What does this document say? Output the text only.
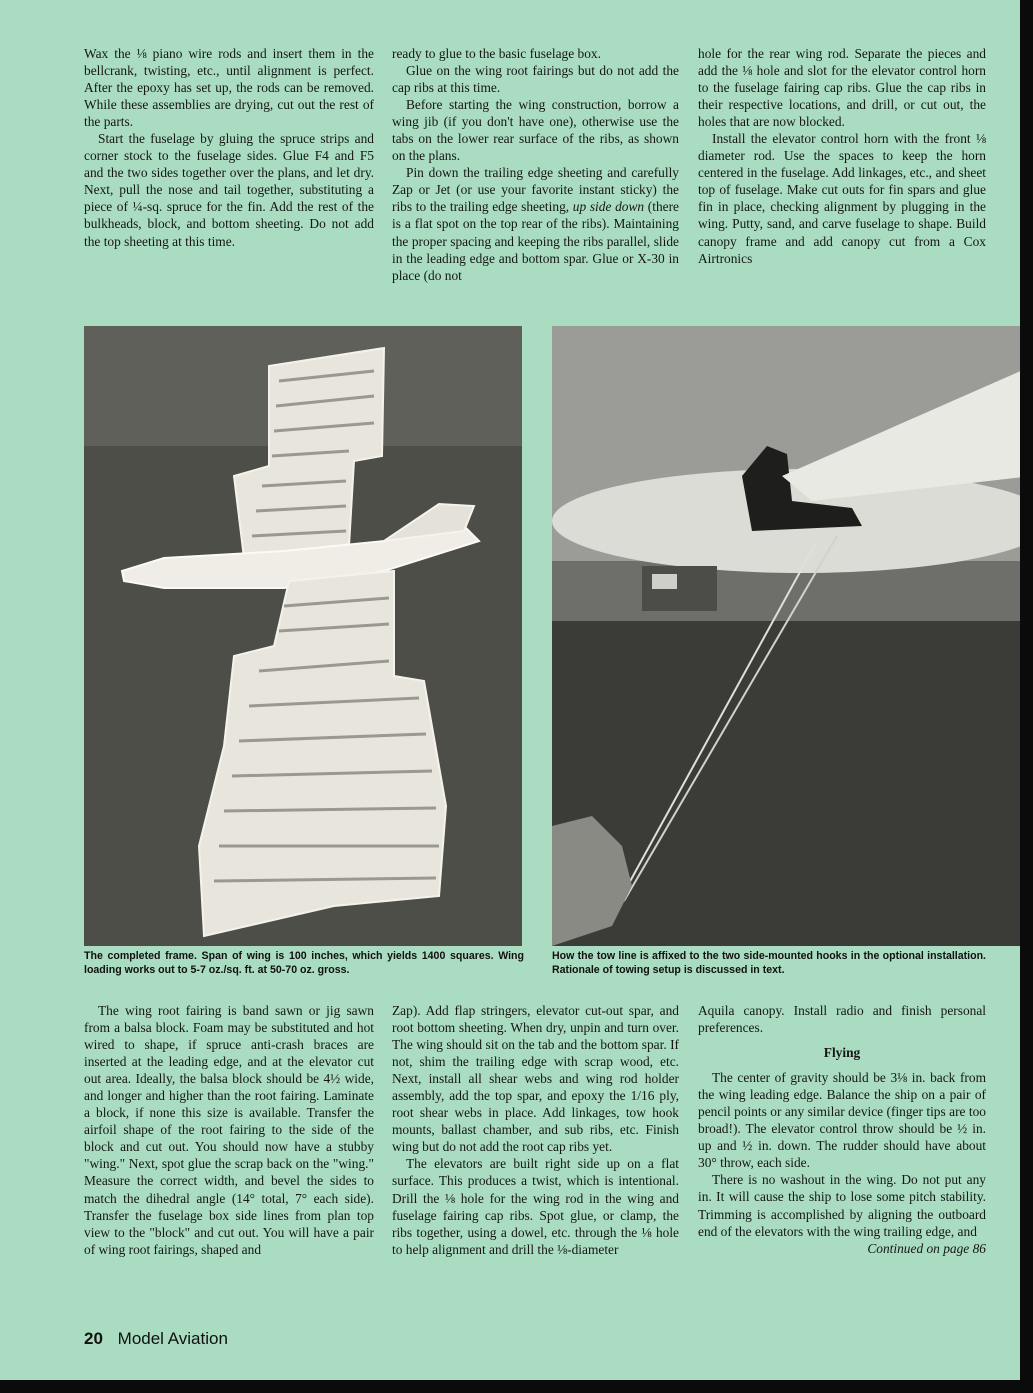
Wax the ⅛ piano wire rods and insert them in the bellcrank, twisting, etc., until alignment is perfect. After the epoxy has set up, the rods can be removed. While these assemblies are drying, cut out the rest of the parts.

Start the fuselage by gluing the spruce strips and corner stock to the fuselage sides. Glue F4 and F5 and the two sides together over the plans, and let dry. Next, pull the nose and tail together, substituting a piece of ¼-sq. spruce for the fin. Add the rest of the bulkheads, block, and bottom sheeting. Do not add the top sheeting at this time.

ready to glue to the basic fuselage box.

Glue on the wing root fairings but do not add the cap ribs at this time.

Before starting the wing construction, borrow a wing jib (if you don't have one), otherwise use the tabs on the lower rear surface of the ribs, as shown on the plans.

Pin down the trailing edge sheeting and carefully Zap or Jet (or use your favorite instant sticky) the ribs to the trailing edge sheeting, up side down (there is a flat spot on the top rear of the ribs). Maintaining the proper spacing and keeping the ribs parallel, slide in the leading edge and bottom spar. Glue or X-30 in place (do not

hole for the rear wing rod. Separate the pieces and add the ⅛ hole and slot for the elevator control horn to the fuselage fairing cap ribs. Glue the cap ribs in their respective locations, and drill, or cut out, the holes that are now blocked.

Install the elevator control horn with the front ⅛ diameter rod. Use the spaces to keep the horn centered in the fuselage. Add linkages, etc., and sheet top of fuselage. Make cut outs for fin spars and glue fin in place, checking alignment by plugging in the wing. Putty, sand, and carve fuselage to shape. Build canopy frame and add canopy cut from a Cox Airtronics

The completed frame. Span of wing is 100 inches, which yields 1400 squares. Wing loading works out to 5-7 oz./sq. ft. at 50-70 oz. gross.
How the tow line is affixed to the two side-mounted hooks in the optional installation. Rationale of towing setup is discussed in text.

The wing root fairing is band sawn or jig sawn from a balsa block. Foam may be substituted and hot wired to shape, if spruce anti-crash braces are inserted at the leading edge, and at the elevator cut out area. Ideally, the balsa block should be 4½ wide, and longer and higher than the root fairing. Laminate a block, if none this size is available. Transfer the airfoil shape of the root fairing to the side of the block and cut out. You should now have a stubby "wing." Next, spot glue the scrap back on the "wing." Measure the correct width, and bevel the sides to match the dihedral angle (14° total, 7° each side). Transfer the fuselage box side lines from plan top view to the "block" and cut out. You will have a pair of wing root fairings, shaped and

Zap). Add flap stringers, elevator cut-out spar, and root bottom sheeting. When dry, unpin and turn over. The wing should sit on the tab and the bottom spar. If not, shim the trailing edge with scrap wood, etc. Next, install all shear webs and wing rod holder assembly, add the top spar, and epoxy the 1/16 ply, root shear webs in place. Add linkages, tow hook mounts, ballast chamber, and sub ribs, etc. Finish wing but do not add the root cap ribs yet.

The elevators are built right side up on a flat surface. This produces a twist, which is intentional. Drill the ⅛ hole for the wing rod in the wing and fuselage fairing cap ribs. Spot glue, or clamp, the ribs together, using a dowel, etc. through the ⅛ hole to help alignment and drill the ⅛-diameter

Aquila canopy. Install radio and finish personal preferences.

Flying

The center of gravity should be 3⅛ in. back from the wing leading edge. Balance the ship on a pair of pencil points or any similar device (finger tips are too broad!). The elevator control throw should be ½ in. up and ½ in. down. The rudder should have about 30° throw, each side.

There is no washout in the wing. Do not put any in. It will cause the ship to lose some pitch stability. Trimming is accomplished by aligning the outboard end of the elevators with the wing trailing edge, and

Continued on page 86

20 Model Aviation
